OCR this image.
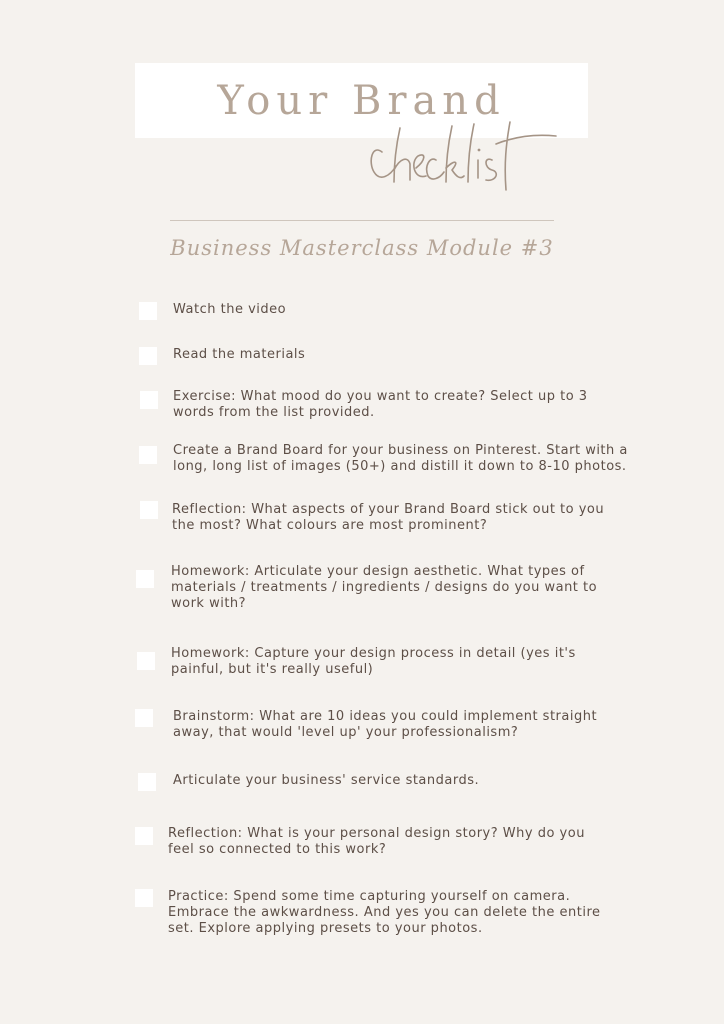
Your Brand
Business Masterclass Module #3
Watch the video
Read the materials
Exercise: What mood do you want to create? Select up to 3
words from the list provided.
Create a Brand Board for your business on Pinterest. Start with a
long, long list of images (50+) and distill it down to 8-10 photos.
Reflection: What aspects of your Brand Board stick out to you
the most? What colours are most prominent?
Homework: Articulate your design aesthetic. What types of
materials / treatments / ingredients / designs do you want to
work with?
Homework: Capture your design process in detail (yes it's
painful, but it's really useful)
Brainstorm: What are 10 ideas you could implement straight
away, that would 'level up' your professionalism?
Articulate your business' service standards.
Reflection: What is your personal design story? Why do you
feel so connected to this work?
Practice: Spend some time capturing yourself on camera.
Embrace the awkwardness. And yes you can delete the entire
set. Explore applying presets to your photos.
